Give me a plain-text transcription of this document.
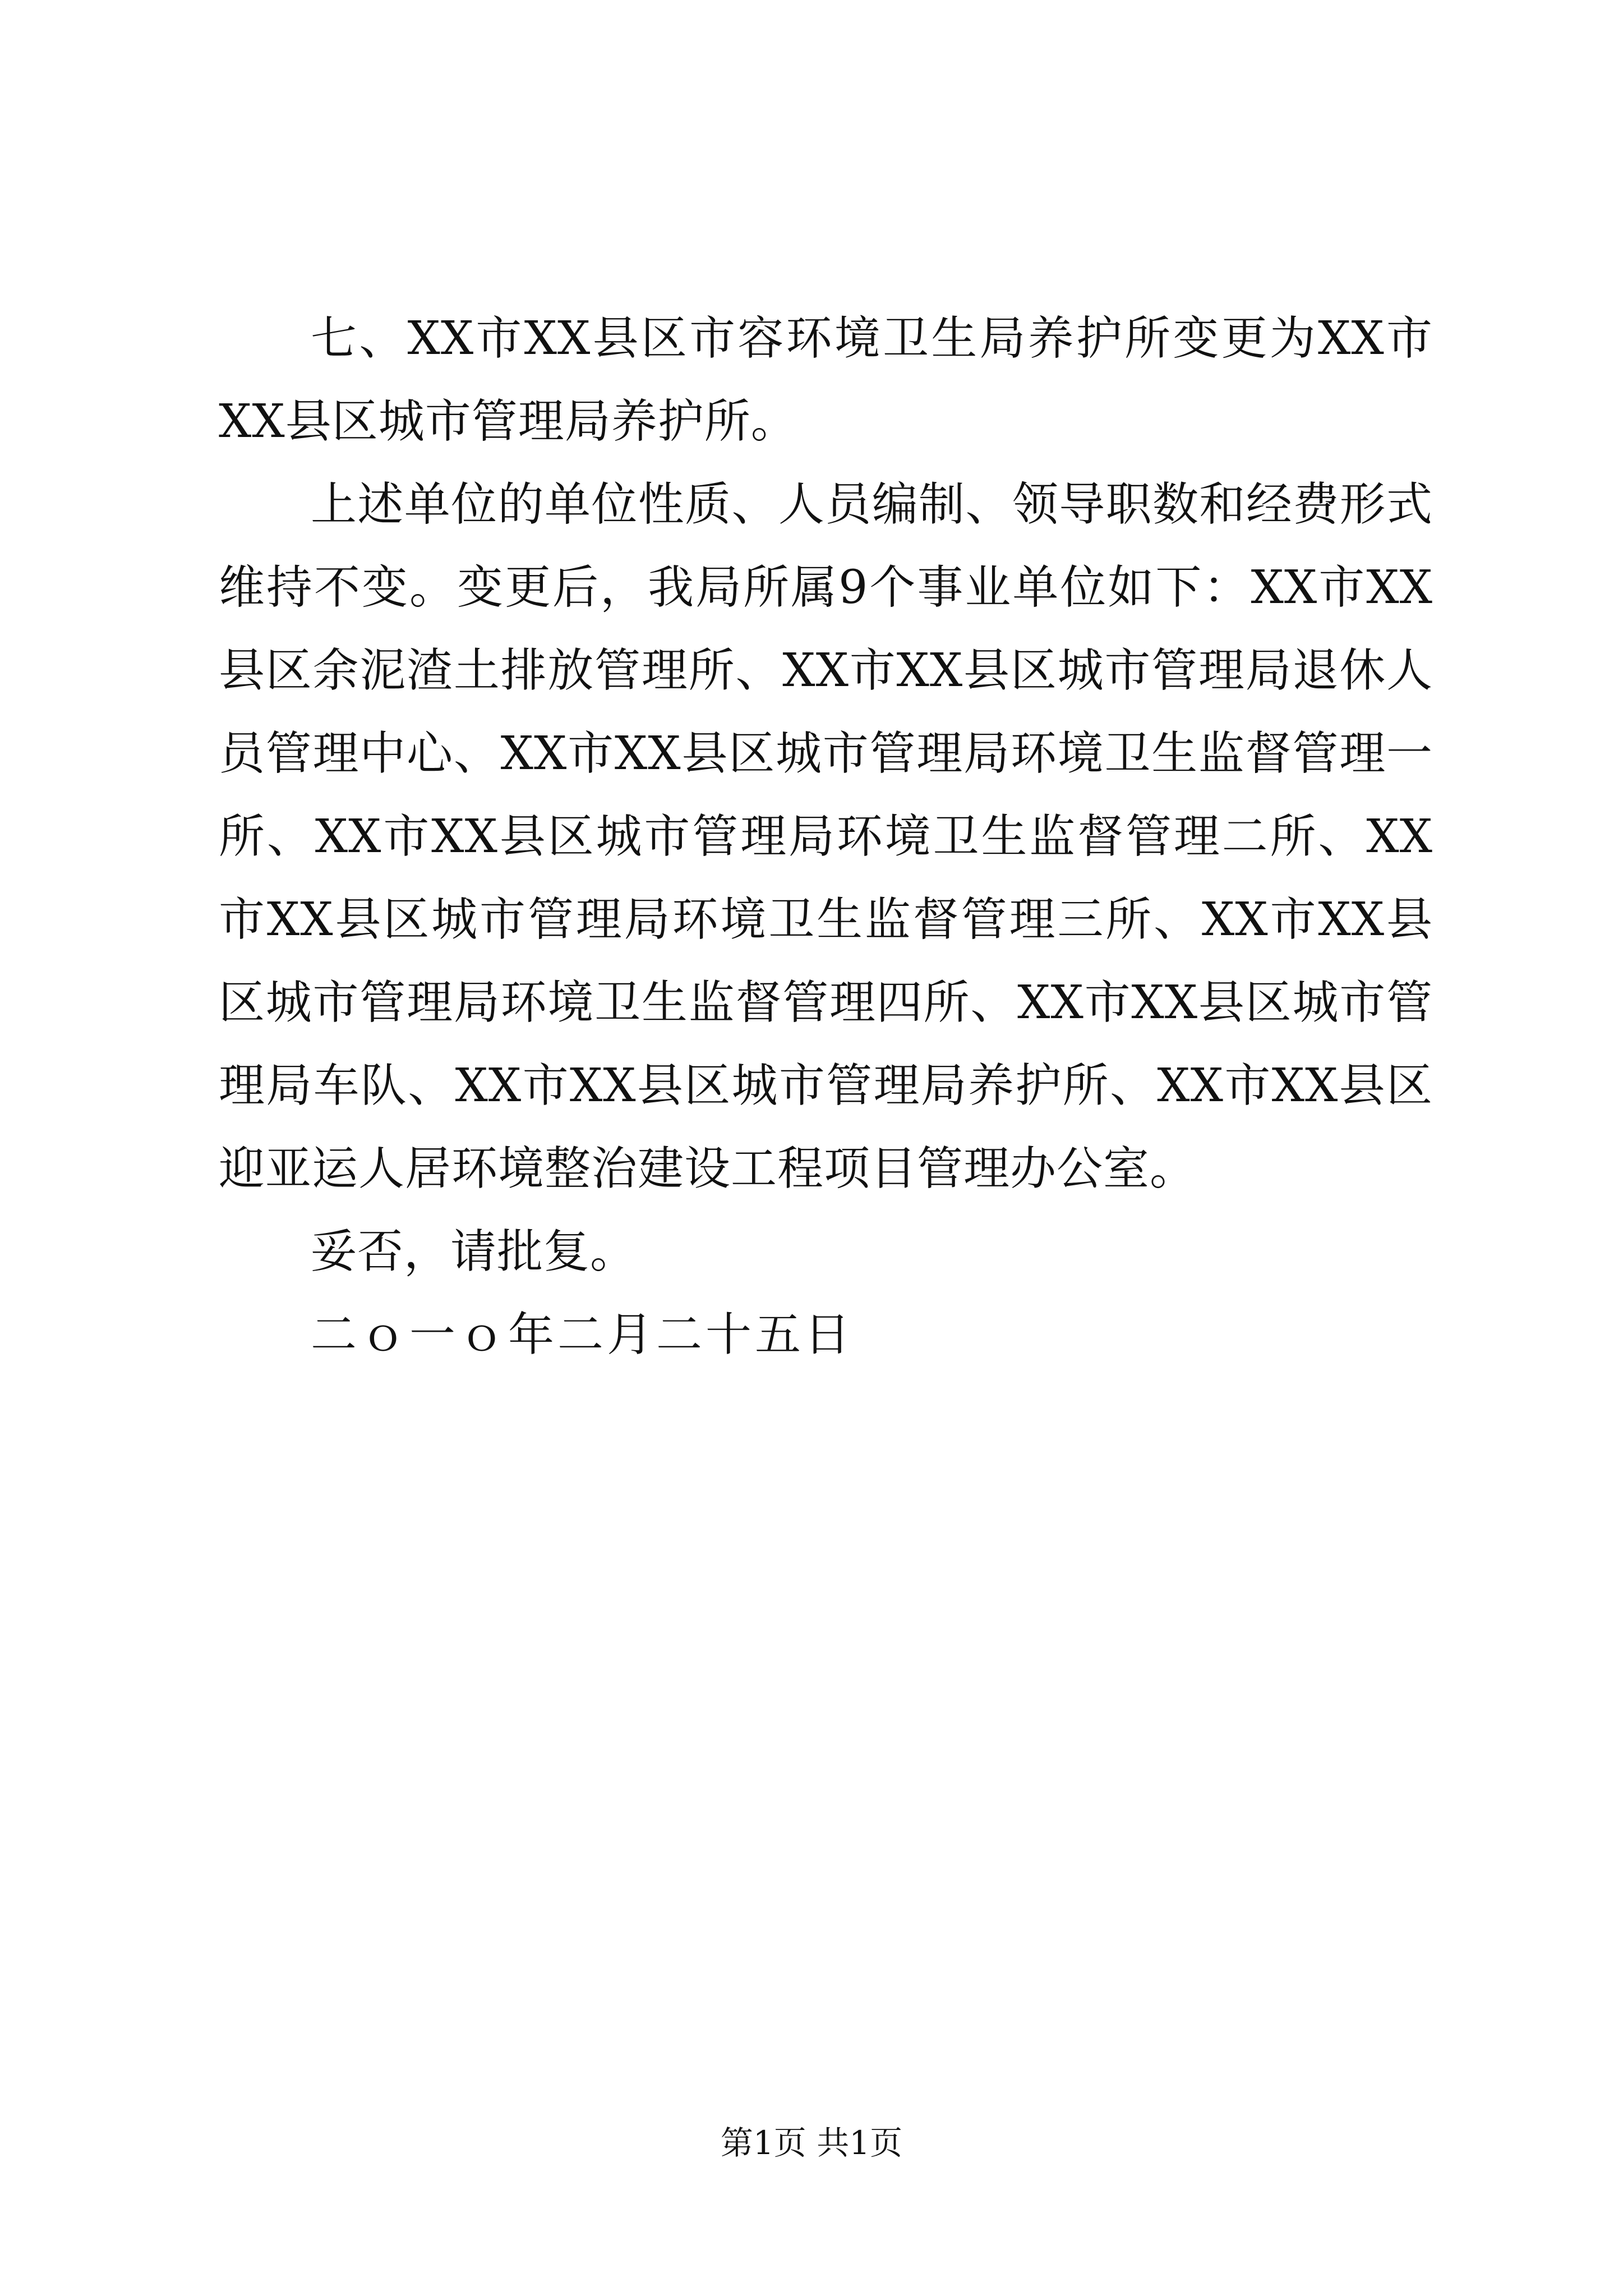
七、XX市XX县区市容环境卫生局养护所变更为XX市XX县区城市管理局养护所。

上述单位的单位性质、人员编制、领导职数和经费形式维持不变。变更后，我局所属9个事业单位如下：XX市XX县区余泥渣土排放管理所、XX市XX县区城市管理局退休人员管理中心、XX市XX县区城市管理局环境卫生监督管理一所、XX市XX县区城市管理局环境卫生监督管理二所、XX市XX县区城市管理局环境卫生监督管理三所、XX市XX县区城市管理局环境卫生监督管理四所、XX市XX县区城市管理局车队、XX市XX县区城市管理局养护所、XX市XX县区迎亚运人居环境整治建设工程项目管理办公室。

妥否，请批复。

二ｏ一ｏ年二月二十五日

第1页 共1页
